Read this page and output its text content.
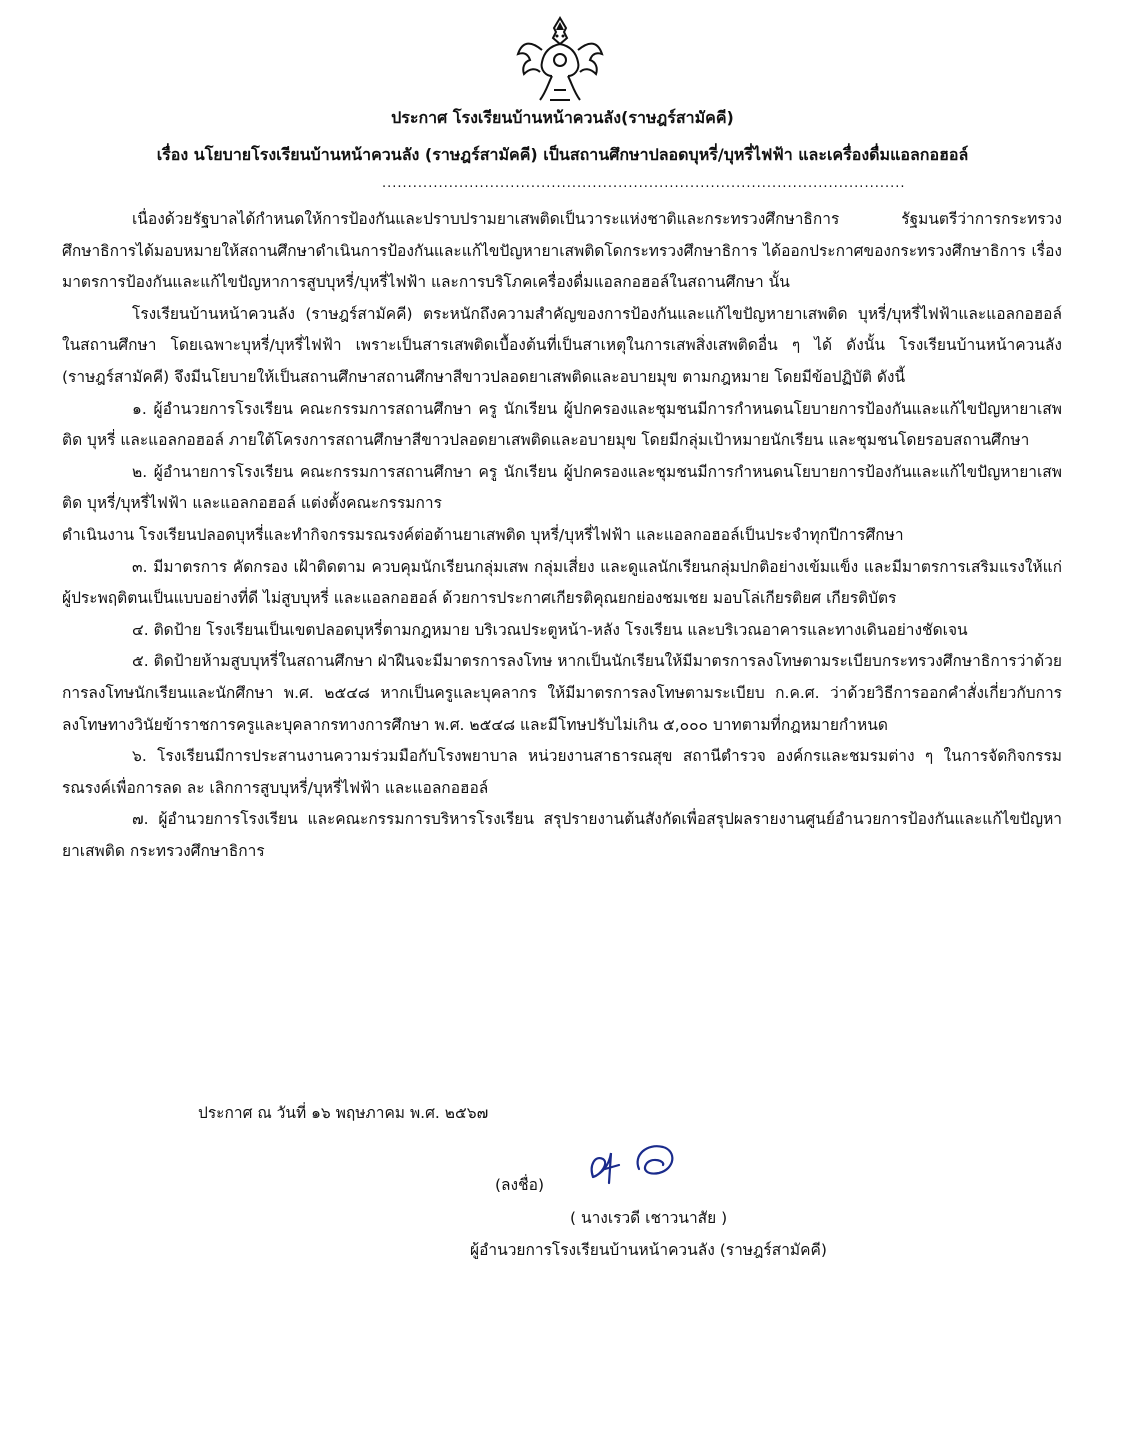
ประกาศ โรงเรียนบ้านหน้าควนลัง(ราษฎร์สามัคคี)
เรื่อง นโยบายโรงเรียนบ้านหน้าควนลัง (ราษฎร์สามัคคี) เป็นสถานศึกษาปลอดบุหรี่/บุหรี่ไฟฟ้า และเครื่องดื่มแอลกอฮอล์
......................................................................................................

เนื่องด้วยรัฐบาลได้กำหนดให้การป้องกันและปราบปรามยาเสพติดเป็นวาระแห่งชาติและกระทรวงศึกษาธิการ รัฐมนตรีว่าการกระทรวงศึกษาธิการได้มอบหมายให้สถานศึกษาดำเนินการป้องกันและแก้ไขปัญหายาเสพติดโดกระทรวงศึกษาธิการ ได้ออกประกาศของกระทรวงศึกษาธิการ เรื่อง มาตรการป้องกันและแก้ไขปัญหาการสูบบุหรี่/บุหรี่ไฟฟ้า และการบริโภคเครื่องดื่มแอลกอฮอล์ในสถานศึกษา นั้น

โรงเรียนบ้านหน้าควนลัง (ราษฎร์สามัคคี) ตระหนักถึงความสำคัญของการป้องกันและแก้ไขปัญหายาเสพติด บุหรี่/บุหรี่ไฟฟ้าและแอลกอฮอล์ในสถานศึกษา โดยเฉพาะบุหรี่/บุหรี่ไฟฟ้า เพราะเป็นสารเสพติดเบื้องต้นที่เป็นสาเหตุในการเสพสิ่งเสพติดอื่น ๆ ได้ ดังนั้น โรงเรียนบ้านหน้าควนลัง (ราษฎร์สามัคคี) จึงมีนโยบายให้เป็นสถานศึกษาสถานศึกษาสีขาวปลอดยาเสพติดและอบายมุข ตามกฎหมาย โดยมีข้อปฏิบัติ ดังนี้

๑. ผู้อำนวยการโรงเรียน คณะกรรมการสถานศึกษา ครู นักเรียน ผู้ปกครองและชุมชนมีการกำหนดนโยบายการป้องกันและแก้ไขปัญหายาเสพติด บุหรี่ และแอลกอฮอล์ ภายใต้โครงการสถานศึกษาสีขาวปลอดยาเสพติดและอบายมุข โดยมีกลุ่มเป้าหมายนักเรียน และชุมชนโดยรอบสถานศึกษา

๒. ผู้อำนายการโรงเรียน คณะกรรมการสถานศึกษา ครู นักเรียน ผู้ปกครองและชุมชนมีการกำหนดนโยบายการป้องกันและแก้ไขปัญหายาเสพติด บุหรี่/บุหรี่ไฟฟ้า และแอลกอฮอล์ แต่งตั้งคณะกรรมการ

ดำเนินงาน โรงเรียนปลอดบุหรี่และทำกิจกรรมรณรงค์ต่อต้านยาเสพติด บุหรี่/บุหรี่ไฟฟ้า และแอลกอฮอล์เป็นประจำทุกปีการศึกษา

๓. มีมาตรการ คัดกรอง เฝ้าติดตาม ควบคุมนักเรียนกลุ่มเสพ กลุ่มเสี่ยง และดูแลนักเรียนกลุ่มปกติอย่างเข้มแข็ง และมีมาตรการเสริมแรงให้แก่ผู้ประพฤติตนเป็นแบบอย่างที่ดี ไม่สูบบุหรี่ และแอลกอฮอล์ ด้วยการประกาศเกียรติคุณยกย่องชมเชย มอบโล่เกียรติยศ เกียรติบัตร

๔. ติดป้าย โรงเรียนเป็นเขตปลอดบุหรี่ตามกฎหมาย บริเวณประตูหน้า-หลัง โรงเรียน และบริเวณอาคารและทางเดินอย่างชัดเจน

๕. ติดป้ายห้ามสูบบุหรี่ในสถานศึกษา ฝ่าฝืนจะมีมาตรการลงโทษ หากเป็นนักเรียนให้มีมาตรการลงโทษตามระเบียบกระทรวงศึกษาธิการว่าด้วยการลงโทษนักเรียนและนักศึกษา พ.ศ. ๒๕๔๘ หากเป็นครูและบุคลากร ให้มีมาตรการลงโทษตามระเบียบ ก.ค.ศ. ว่าด้วยวิธีการออกคำสั่งเกี่ยวกับการลงโทษทางวินัยข้าราชการครูและบุคลากรทางการศึกษา พ.ศ. ๒๕๔๘ และมีโทษปรับไม่เกิน ๕,๐๐๐ บาทตามที่กฎหมายกำหนด

๖. โรงเรียนมีการประสานงานความร่วมมือกับโรงพยาบาล หน่วยงานสาธารณสุข สถานีตำรวจ องค์กรและชมรมต่าง ๆ ในการจัดกิจกรรมรณรงค์เพื่อการลด ละ เลิกการสูบบุหรี่/บุหรี่ไฟฟ้า และแอลกอฮอล์

๗. ผู้อำนวยการโรงเรียน และคณะกรรมการบริหารโรงเรียน สรุปรายงานต้นสังกัดเพื่อสรุปผลรายงานศูนย์อำนวยการป้องกันและแก้ไขปัญหายาเสพติด กระทรวงศึกษาธิการ

ประกาศ ณ วันที่ ๑๖ พฤษภาคม พ.ศ. ๒๕๖๗
(ลงชื่อ)
( นางเรวดี เชาวนาสัย )
ผู้อำนวยการโรงเรียนบ้านหน้าควนลัง (ราษฎร์สามัคคี)
